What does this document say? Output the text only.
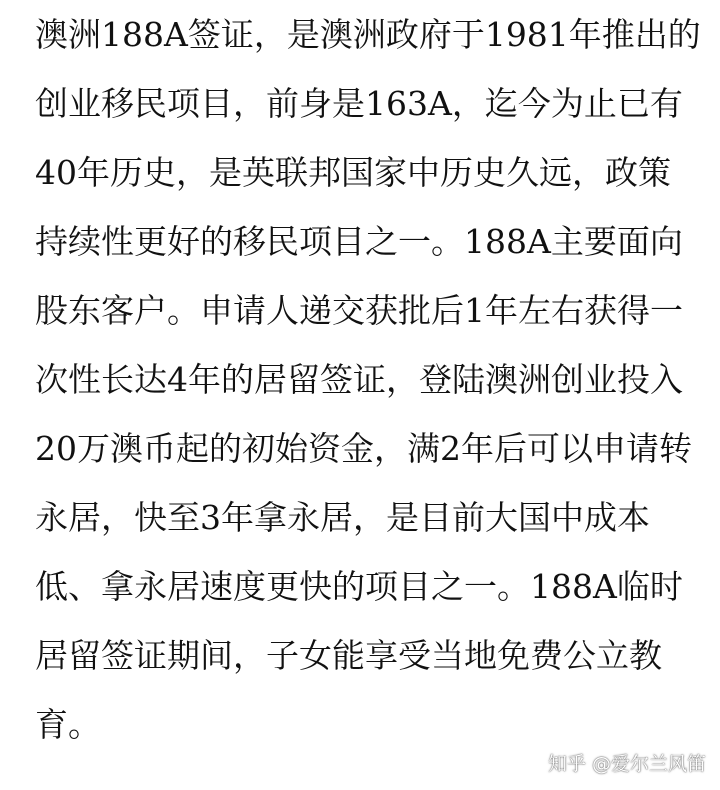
澳洲188A签证，是澳洲政府于1981年推出的
创业移民项目，前身是163A，迄今为止已有
40年历史，是英联邦国家中历史久远，政策
持续性更好的移民项目之一。188A主要面向
股东客户。申请人递交获批后1年左右获得一
次性长达4年的居留签证，登陆澳洲创业投入
20万澳币起的初始资金，满2年后可以申请转
永居，快至3年拿永居，是目前大国中成本
低、拿永居速度更快的项目之一。188A临时
居留签证期间，子女能享受当地免费公立教
育。
知乎 @爱尔兰风笛
